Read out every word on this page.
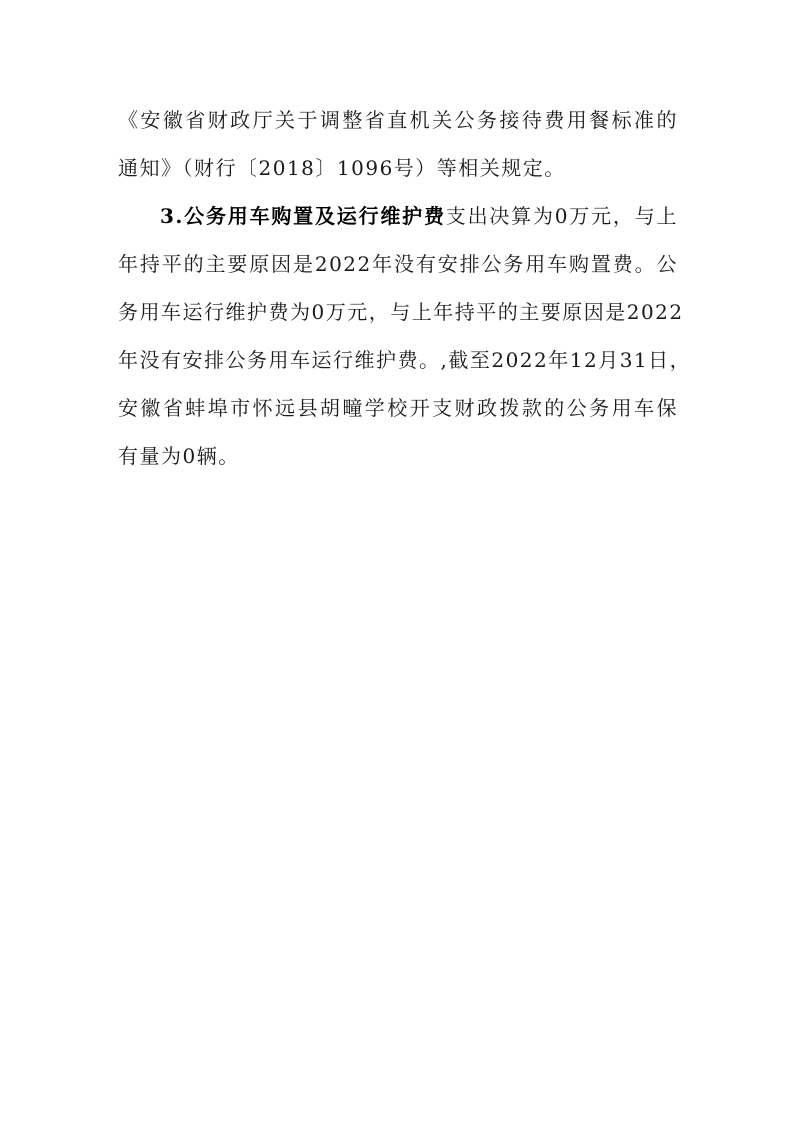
《安徽省财政厅关于调整省直机关公务接待费用餐标准的
通知》（财行〔2018〕1096号）等相关规定。
3.公务用车购置及运行维护费支出决算为0万元，与上
年持平的主要原因是2022年没有安排公务用车购置费。公
务用车运行维护费为0万元，与上年持平的主要原因是2022
年没有安排公务用车运行维护费。,截至2022年12月31日，
安徽省蚌埠市怀远县胡疃学校开支财政拨款的公务用车保
有量为0辆。
